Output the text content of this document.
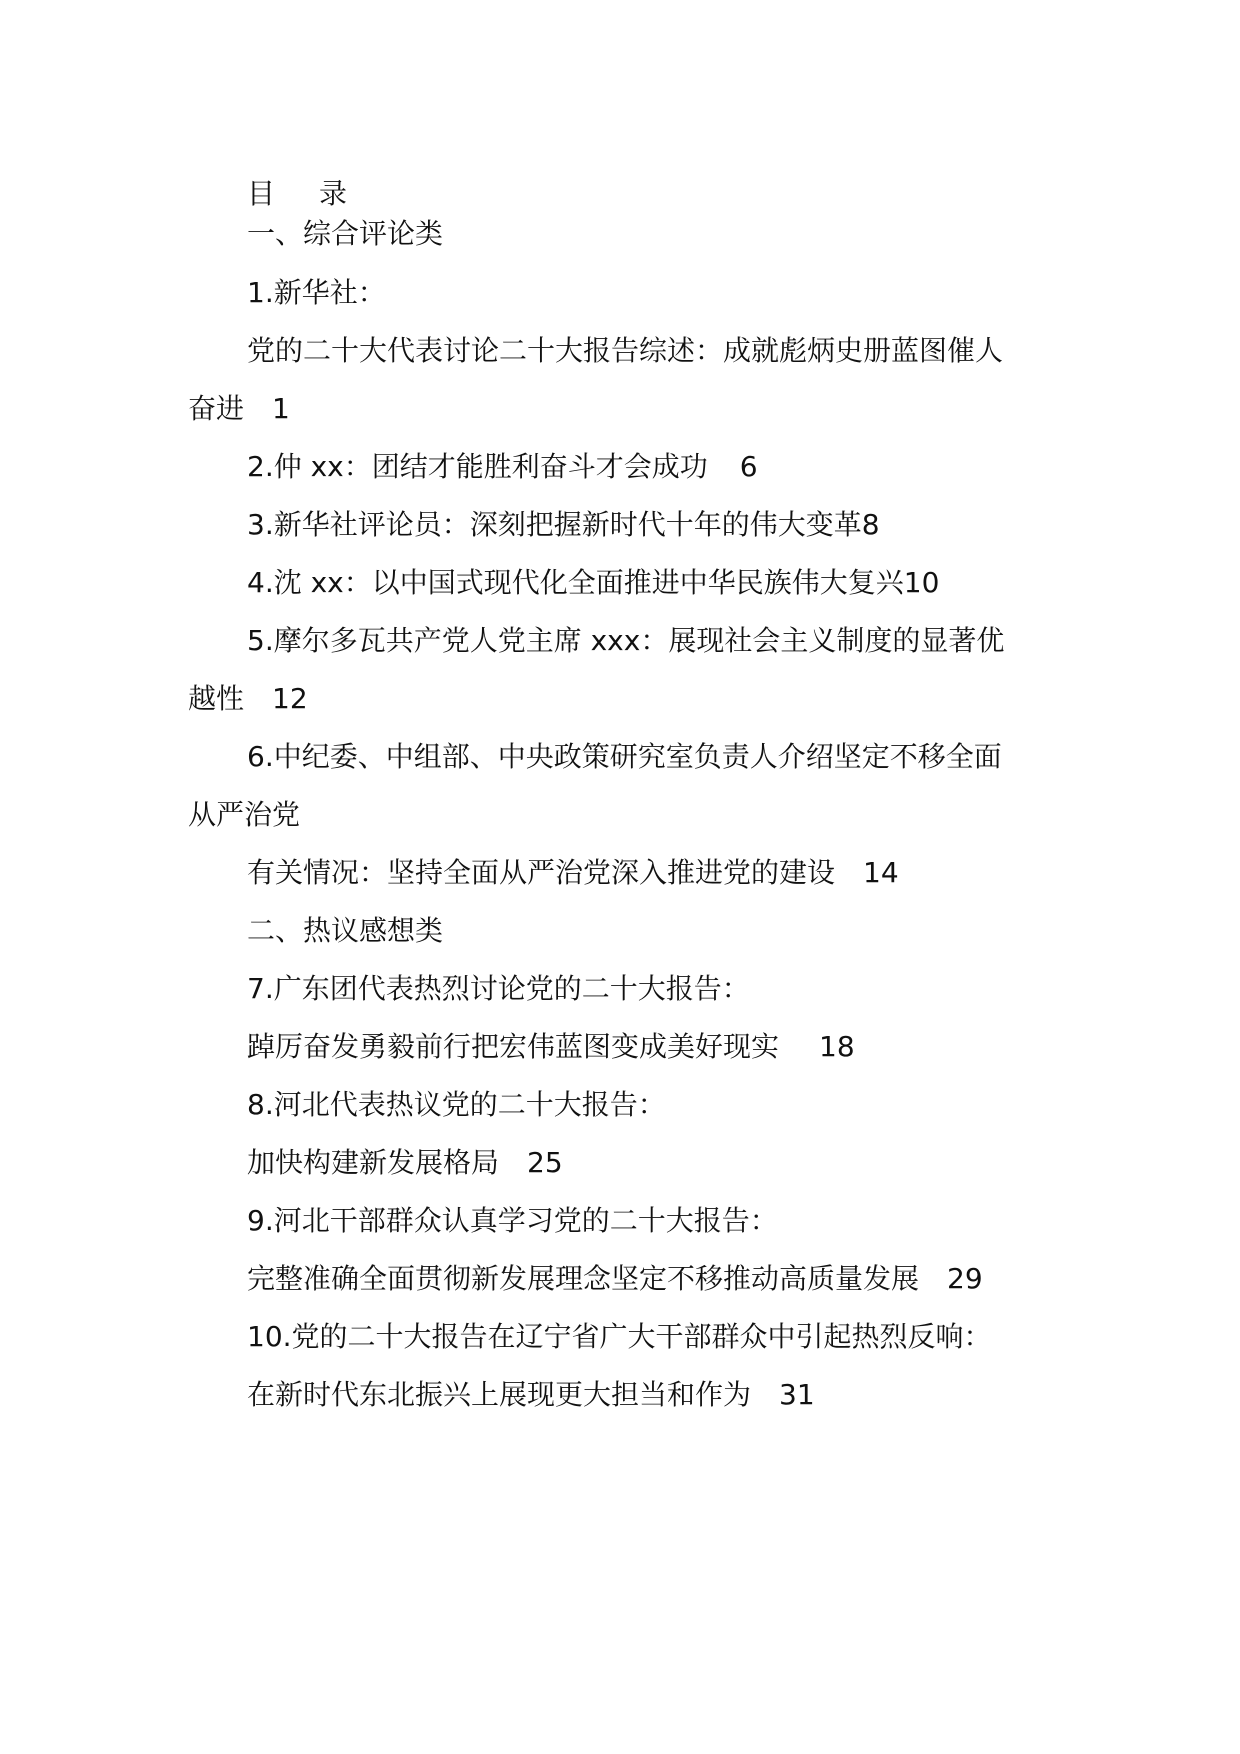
目 录
一、综合评论类
1.新华社：
党的二十大代表讨论二十大报告综述：成就彪炳史册蓝图催人
奋进 1
2.仲 xx：团结才能胜利奋斗才会成功 6
3.新华社评论员：深刻把握新时代十年的伟大变革8
4.沈 xx：以中国式现代化全面推进中华民族伟大复兴10
5.摩尔多瓦共产党人党主席 xxx：展现社会主义制度的显著优
越性 12
6.中纪委、中组部、中央政策研究室负责人介绍坚定不移全面
从严治党
有关情况：坚持全面从严治党深入推进党的建设 14
二、热议感想类
7.广东团代表热烈讨论党的二十大报告：
踔厉奋发勇毅前行把宏伟蓝图变成美好现实 18
8.河北代表热议党的二十大报告：
加快构建新发展格局 25
9.河北干部群众认真学习党的二十大报告：
完整准确全面贯彻新发展理念坚定不移推动高质量发展 29
10.党的二十大报告在辽宁省广大干部群众中引起热烈反响：
在新时代东北振兴上展现更大担当和作为 31
